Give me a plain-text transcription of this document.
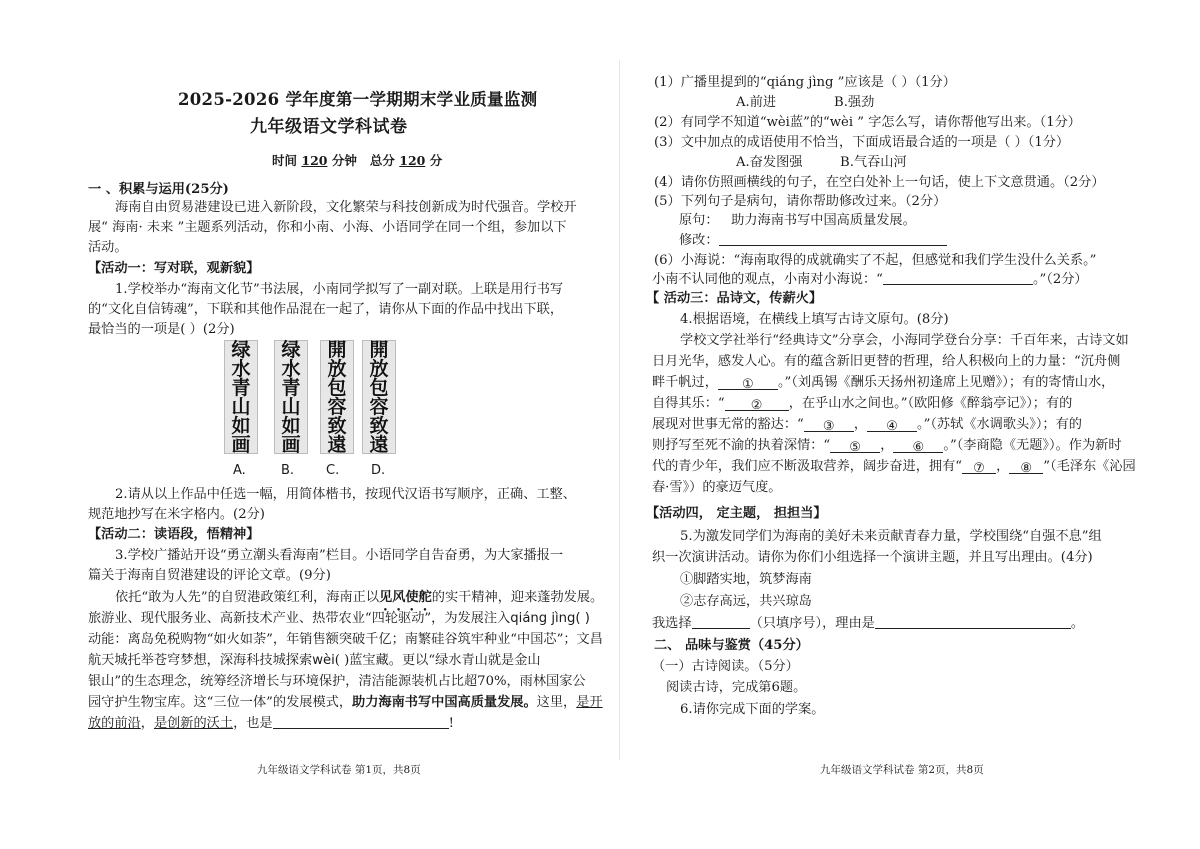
2025-2026 学年度第一学期期末学业质量监测
九年级语文学科试卷
时间 120 分钟 总分 120 分
一 、积累与运用(25分)
海南自由贸易港建设已进入新阶段，文化繁荣与科技创新成为时代强音。学校开
展“ 海南· 未来 ”主题系列活动，你和小南、小海、小语同学在同一个组，参加以下
活动。
【活动一：写对联，观新貌】
1.学校举办“海南文化节”书法展，小南同学拟写了一副对联。上联是用行书写
的“文化自信铸魂”，下联和其他作品混在一起了，请你从下面的作品中找出下联，
最恰当的一项是( ）(2分)
绿
水
青
山
如
画
绿
水
青
山
如
画
開
放
包
容
致
遠
開
放
包
容
致
遠
A.	B. C. D.
2.请从以上作品中任选一幅，用简体楷书，按现代汉语书写顺序，正确、工整、
规范地抄写在米字格内。(2分)
【活动二：读语段，悟精神】
3.学校广播站开设“勇立潮头看海南”栏目。小语同学自告奋勇，为大家播报一
篇关于海南自贸港建设的评论文章。(9分)
依托“敢为人先”的自贸港政策红利，海南正以见风使舵的实干精神，迎来蓬勃发展。
旅游业、现代服务业、高新技术产业、热带农业“四轮驱动”，为发展注入qiáng jìng( )
动能：离岛免税购物“如火如荼”，年销售额突破千亿；南繁硅谷筑牢种业“中国芯”；文昌
航天城托举苍穹梦想，深海科技城探索wèi( )蓝宝藏。更以“绿水青山就是金山
银山”的生态理念，统筹经济增长与环境保护，清洁能源装机占比超70%，雨林国家公
园守护生物宝库。这“三位一体”的发展模式，助力海南书写中国高质量发展。这里，是开
放的前沿，是创新的沃土，也是	!
九年级语文学科试卷 第1页，共8页
(1）广播里提到的“qiáng jìng ”应该是（ ）（1分）
A.前进	B.强劲
(2）有同学不知道“wèi蓝”的“wèi ” 字怎么写，请你帮他写出来。（1分）
(3）文中加点的成语使用不恰当，下面成语最合适的一项是（ ）（1分）
A.奋发图强	B.气吞山河
(4）请你仿照画横线的句子，在空白处补上一句话，使上下文意贯通。（2分）
(5）下列句子是病句，请你帮助修改过来。（2分）
原句： 助力海南书写中国高质量发展。
修改：
(6）小海说：“海南取得的成就确实了不起，但感觉和我们学生没什么关系。”
小南不认同他的观点，小南对小海说：“	。”（2分）
【 活动三：品诗文，传薪火】
4.根据语境，在横线上填写古诗文原句。(8分)
学校文学社举行“经典诗文”分享会，小海同学登台分享：千百年来，古诗文如
日月光华，感发人心。有的蕴含新旧更替的哲理，给人积极向上的力量：“沉舟侧
畔千帆过， ① 。”（刘禹锡《酬乐天扬州初逢席上见赠》）；有的寄情山水，
自得其乐：“ ② ，在乎山水之间也。”（欧阳修《醉翁亭记》）；有的
展现对世事无常的豁达：“ ③ ， ④ 。”（苏轼《水调歌头》）；有的
则抒写至死不渝的执着深情：“ ⑤ ， ⑥ 。”（李商隐《无题》）。作为新时
代的青少年，我们应不断汲取营养，阔步奋进，拥有“ ⑦ ， ⑧ ”（毛泽东《沁园
春·雪》）的豪迈气度。
【活动四， 定主题， 担担当】
5.为激发同学们为海南的美好未来贡献青春力量，学校围绕“自强不息”组
织一次演讲活动。请你为你们小组选择一个演讲主题，并且写出理由。(4分)
①脚踏实地，筑梦海南
②志存高远，共兴琼岛
我选择	（只填序号），理由是	。
二、 品味与鉴赏（45分）
（一）古诗阅读。（5分）
阅读古诗，完成第6题。
6.请你完成下面的学案。
九年级语文学科试卷 第2页，共8页
